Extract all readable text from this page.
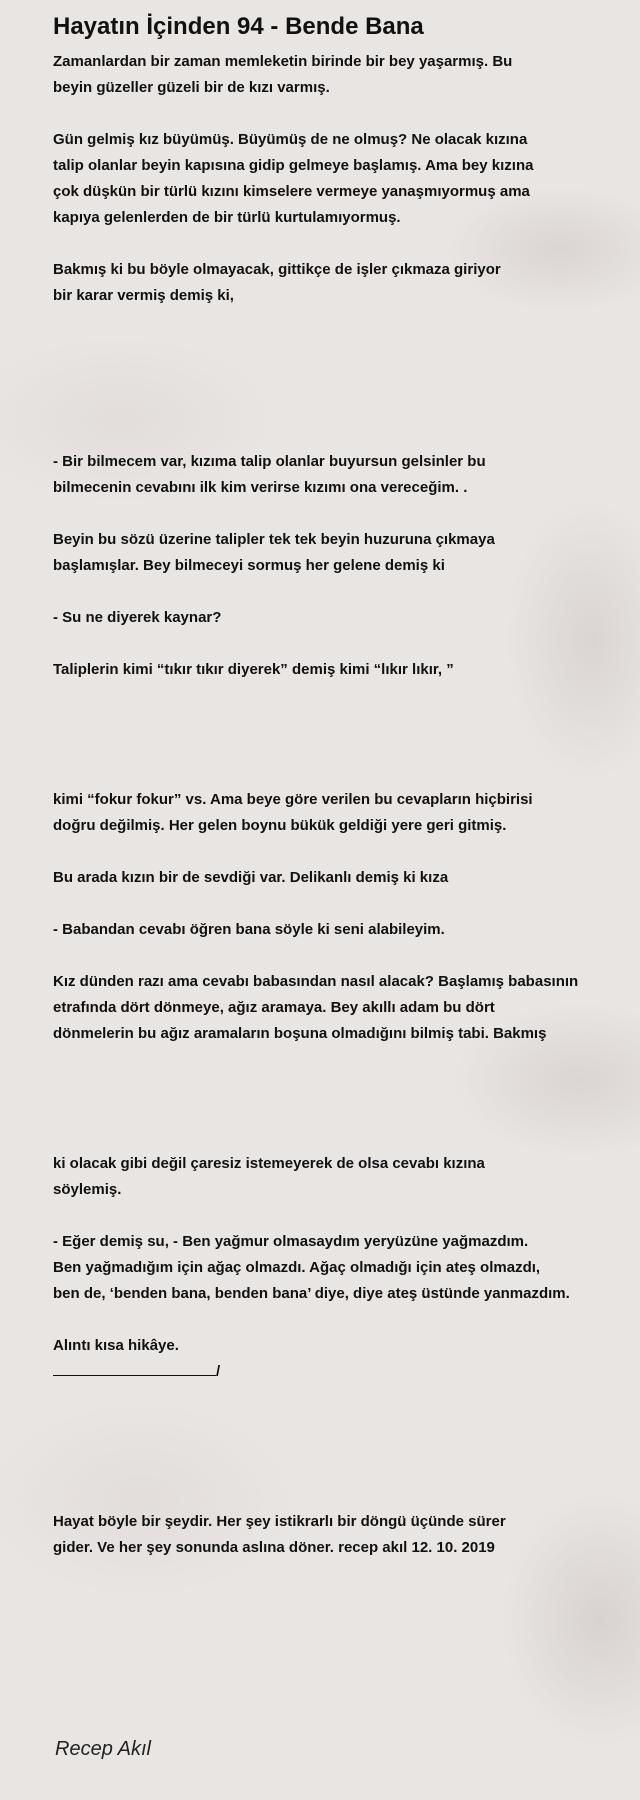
Hayatın İçinden 94 - Bende Bana

Zamanlardan bir zaman memleketin birinde bir bey yaşarmış. Bu
beyin güzeller güzeli bir de kızı varmış.

Gün gelmiş kız büyümüş. Büyümüş de ne olmuş? Ne olacak kızına
talip olanlar beyin kapısına gidip gelmeye başlamış. Ama bey kızına
çok düşkün bir türlü kızını kimselere vermeye yanaşmıyormuş ama
kapıya gelenlerden de bir türlü kurtulamıyormuş.

Bakmış ki bu böyle olmayacak, gittikçe de işler çıkmaza giriyor
bir karar vermiş demiş ki,

- Bir bilmecem var, kızıma talip olanlar buyursun gelsinler bu
bilmecenin cevabını ilk kim verirse kızımı ona vereceğim. .

Beyin bu sözü üzerine talipler tek tek beyin huzuruna çıkmaya
başlamışlar. Bey bilmeceyi sormuş her gelene demiş ki

- Su ne diyerek kaynar?

Taliplerin kimi “tıkır tıkır diyerek” demiş kimi “lıkır lıkır, ”

kimi “fokur fokur” vs. Ama beye göre verilen bu cevapların hiçbirisi
doğru değilmiş. Her gelen boynu bükük geldiği yere geri gitmiş.

Bu arada kızın bir de sevdiği var. Delikanlı demiş ki kıza

- Babandan cevabı öğren bana söyle ki seni alabileyim.

Kız dünden razı ama cevabı babasından nasıl alacak? Başlamış babasının
etrafında dört dönmeye, ağız aramaya. Bey akıllı adam bu dört
dönmelerin bu ağız aramaların boşuna olmadığını bilmiş tabi. Bakmış

ki olacak gibi değil çaresiz istemeyerek de olsa cevabı kızına
söylemiş.

- Eğer demiş su, - Ben yağmur olmasaydım yeryüzüne yağmazdım.
Ben yağmadığım için ağaç olmazdı. Ağaç olmadığı için ateş olmazdı,
ben de, ‘benden bana, benden bana’ diye, diye ateş üstünde yanmazdım.

Alıntı kısa hikâye.

/

Hayat böyle bir şeydir. Her şey istikrarlı bir döngü üçünde sürer
gider. Ve her şey sonunda aslına döner. recep akıl 12. 10. 2019

Recep Akıl
